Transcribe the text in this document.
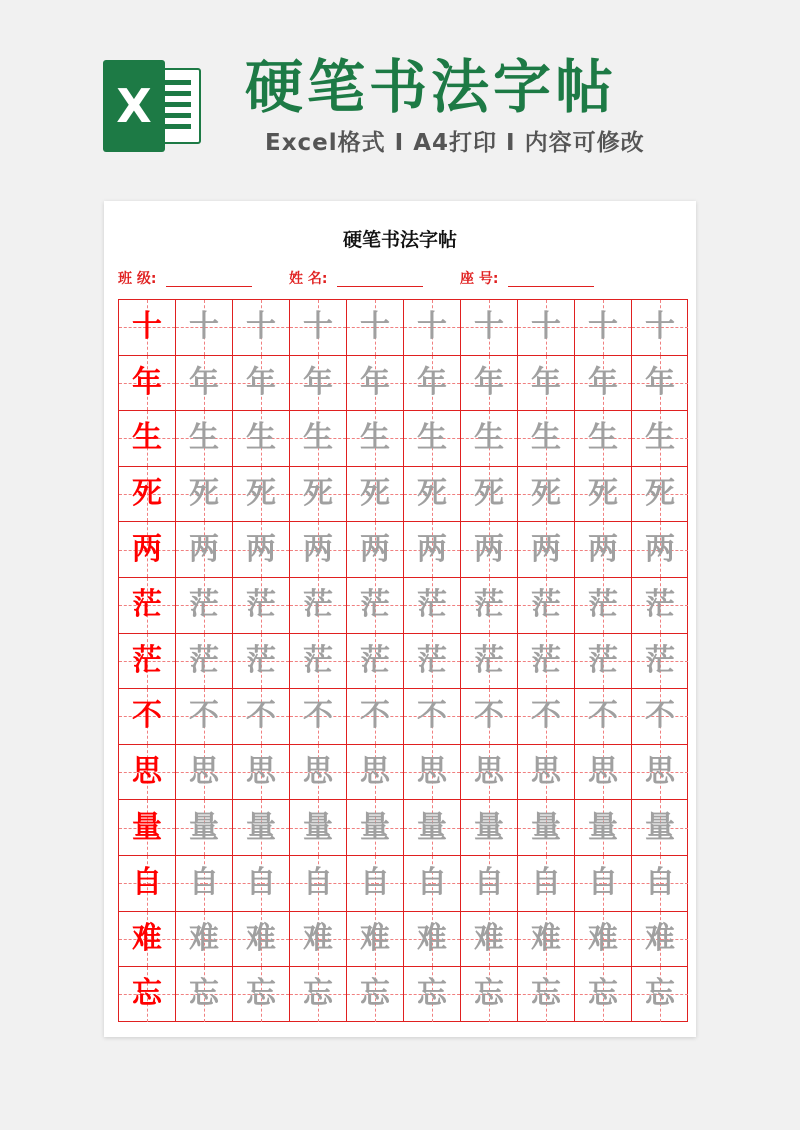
X 硬笔书法字帖
Excel格式 I A4打印 I 内容可修改
硬笔书法字帖
班 级:	姓 名:	座 号:
十 十 十 十 十 十 十 十 十 十
年 年 年 年 年 年 年 年 年 年
生 生 生 生 生 生 生 生 生 生
死 死 死 死 死 死 死 死 死 死
两 两 两 两 两 两 两 两 两 两
茫 茫 茫 茫 茫 茫 茫 茫 茫 茫
茫 茫 茫 茫 茫 茫 茫 茫 茫 茫
不 不 不 不 不 不 不 不 不 不
思 思 思 思 思 思 思 思 思 思
量 量 量 量 量 量 量 量 量 量
自 自 自 自 自 自 自 自 自 自
难 难 难 难 难 难 难 难 难 难
忘 忘 忘 忘 忘 忘 忘 忘 忘 忘
